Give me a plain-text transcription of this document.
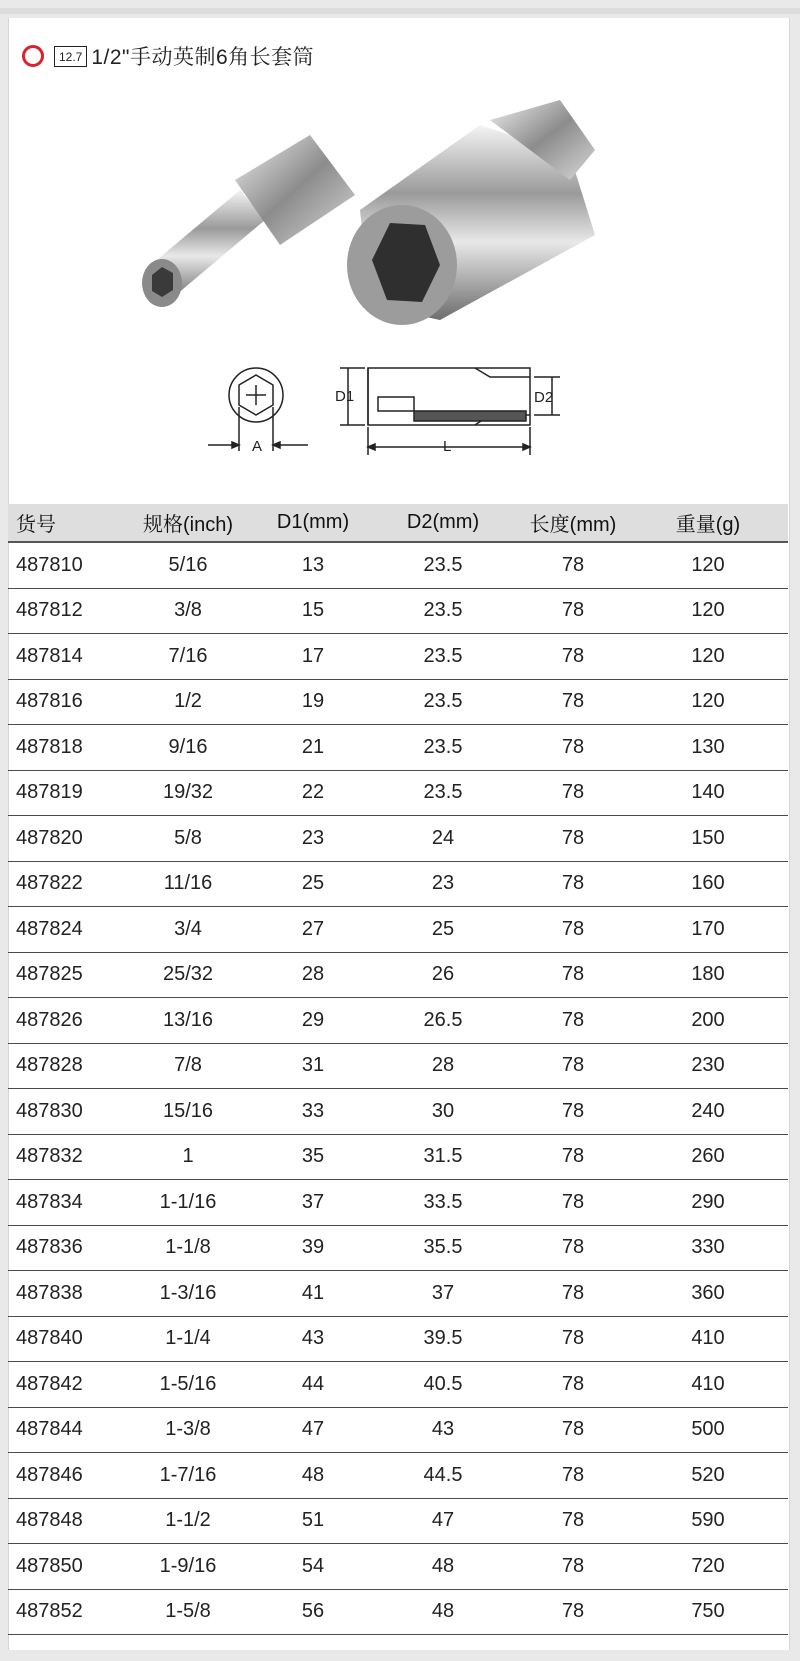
12.7 1/2"手动英制6角长套筒
A
D1	D2
L
货号	规格(inch)	D1(mm)	D2(mm)	长度(mm)	重量(g)
487810	5/16	13	23.5	78	120
487812	3/8	15	23.5	78	120
487814	7/16	17	23.5	78	120
487816	1/2	19	23.5	78	120
487818	9/16	21	23.5	78	130
487819	19/32	22	23.5	78	140
487820	5/8	23	24	78	150
487822	11/16	25	23	78	160
487824	3/4	27	25	78	170
487825	25/32	28	26	78	180
487826	13/16	29	26.5	78	200
487828	7/8	31	28	78	230
487830	15/16	33	30	78	240
487832	1	35	31.5	78	260
487834	1-1/16	37	33.5	78	290
487836	1-1/8	39	35.5	78	330
487838	1-3/16	41	37	78	360
487840	1-1/4	43	39.5	78	410
487842	1-5/16	44	40.5	78	410
487844	1-3/8	47	43	78	500
487846	1-7/16	48	44.5	78	520
487848	1-1/2	51	47	78	590
487850	1-9/16	54	48	78	720
487852	1-5/8	56	48	78	750
